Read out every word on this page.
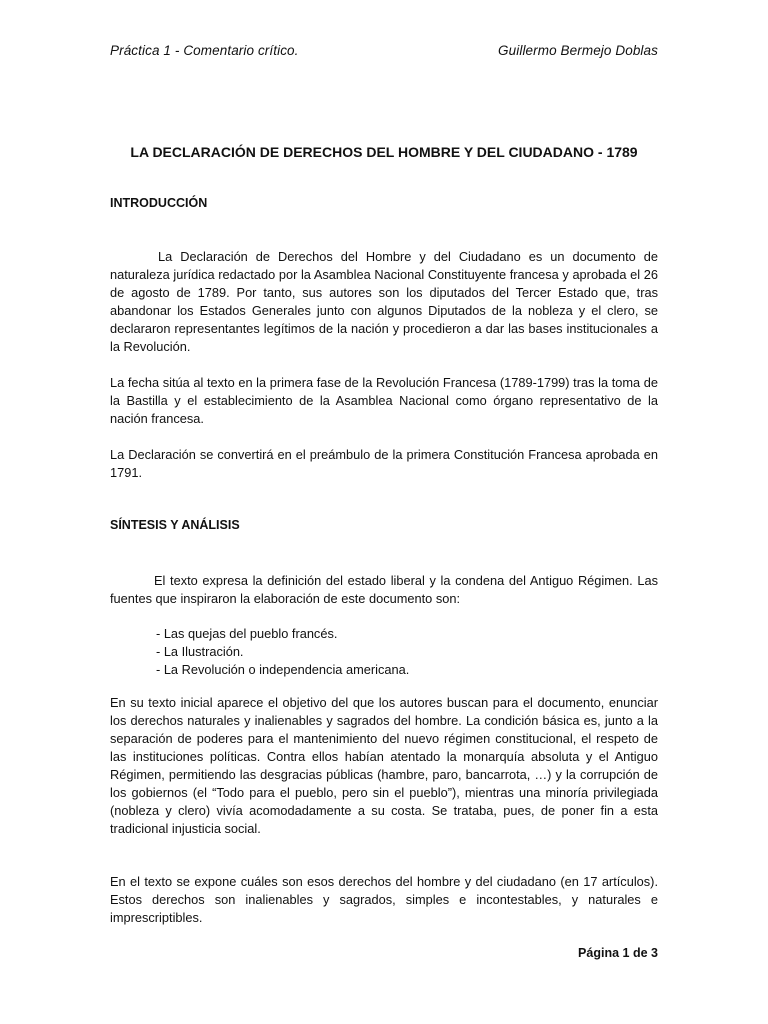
Práctica 1 - Comentario crítico.	Guillermo Bermejo Doblas
LA DECLARACIÓN DE DERECHOS DEL HOMBRE Y DEL CIUDADANO - 1789
INTRODUCCIÓN
La Declaración de Derechos del Hombre y del Ciudadano es un documento de naturaleza jurídica redactado por la Asamblea Nacional Constituyente francesa y aprobada el 26 de agosto de 1789. Por tanto, sus autores son los diputados del Tercer Estado que, tras abandonar los Estados Generales junto con algunos Diputados de la nobleza y el clero, se declararon representantes legítimos de la nación y procedieron a dar las bases institucionales a la Revolución.
La fecha sitúa al texto en la primera fase de la Revolución Francesa (1789-1799) tras la toma de la Bastilla y el establecimiento de la Asamblea Nacional como órgano representativo de la nación francesa.
La Declaración se convertirá en el preámbulo de la primera Constitución Francesa aprobada en 1791.
SÍNTESIS Y ANÁLISIS
El texto expresa la definición del estado liberal y la condena del Antiguo Régimen. Las fuentes que inspiraron la elaboración de este documento son:
- Las quejas del pueblo francés.
- La Ilustración.
- La Revolución o independencia americana.
En su texto inicial aparece el objetivo del que los autores buscan para el documento, enunciar los derechos naturales y inalienables y sagrados del hombre. La condición básica es, junto a la separación de poderes para el mantenimiento del nuevo régimen constitucional, el respeto de las instituciones políticas. Contra ellos habían atentado la monarquía absoluta y el Antiguo Régimen, permitiendo las desgracias públicas (hambre, paro, bancarrota, …) y la corrupción de los gobiernos (el “Todo para el pueblo, pero sin el pueblo”), mientras una minoría privilegiada (nobleza y clero) vivía acomodadamente a su costa. Se trataba, pues, de poner fin a esta tradicional injusticia social.
En el texto se expone cuáles son esos derechos del hombre y del ciudadano (en 17 artículos). Estos derechos son inalienables y sagrados, simples e incontestables, y naturales e imprescriptibles.
Página 1 de 3
